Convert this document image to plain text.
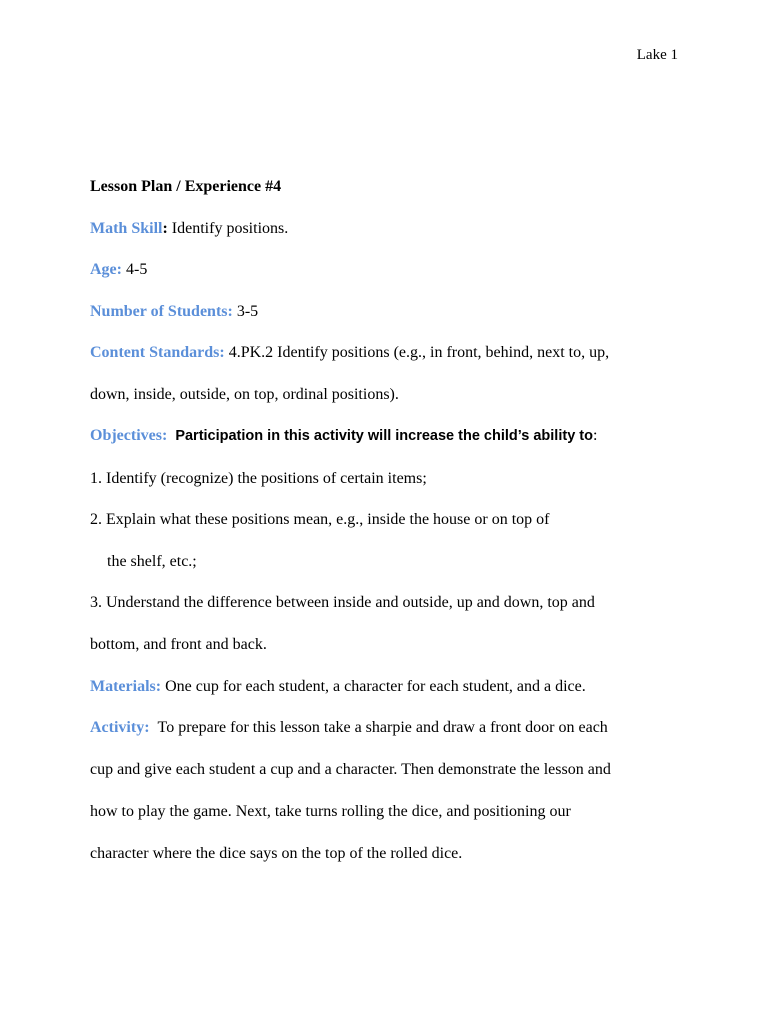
Lake 1
Lesson Plan / Experience #4
Math Skill: Identify positions.
Age: 4-5
Number of Students: 3-5
Content Standards: 4.PK.2 Identify positions (e.g., in front, behind, next to, up,
down, inside, outside, on top, ordinal positions).
Objectives: Participation in this activity will increase the child’s ability to:
1. Identify (recognize) the positions of certain items;
2. Explain what these positions mean, e.g., inside the house or on top of
the shelf, etc.;
3. Understand the difference between inside and outside, up and down, top and
bottom, and front and back.
Materials: One cup for each student, a character for each student, and a dice.
Activity: To prepare for this lesson take a sharpie and draw a front door on each
cup and give each student a cup and a character. Then demonstrate the lesson and
how to play the game. Next, take turns rolling the dice, and positioning our
character where the dice says on the top of the rolled dice.
